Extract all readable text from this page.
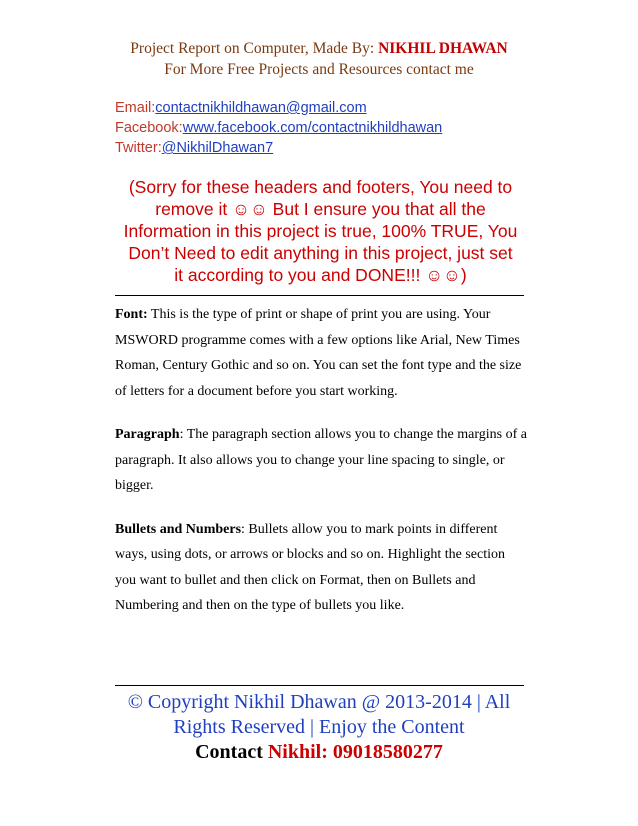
Project Report on Computer, Made By: NIKHIL DHAWAN
For More Free Projects and Resources contact me
Email:contactnikhildhawan@gmail.com
Facebook:www.facebook.com/contactnikhildhawan
Twitter:@NikhilDhawan7
(Sorry for these headers and footers, You need to
remove it ☺☺ But I ensure you that all the
Information in this project is true, 100% TRUE, You
Don’t Need to edit anything in this project, just set
it according to you and DONE!!! ☺☺)

Font: This is the type of print or shape of print you are using. Your MSWORD programme comes with a few options like Arial, New Times Roman, Century Gothic and so on. You can set the font type and the size of letters for a document before you start working.

Paragraph: The paragraph section allows you to change the margins of a paragraph. It also allows you to change your line spacing to single, or bigger.

Bullets and Numbers: Bullets allow you to mark points in different ways, using dots, or arrows or blocks and so on. Highlight the section you want to bullet and then click on Format, then on Bullets and Numbering and then on the type of bullets you like.

© Copyright Nikhil Dhawan @ 2013-2014 | All
Rights Reserved | Enjoy the Content
Contact Nikhil: 09018580277
